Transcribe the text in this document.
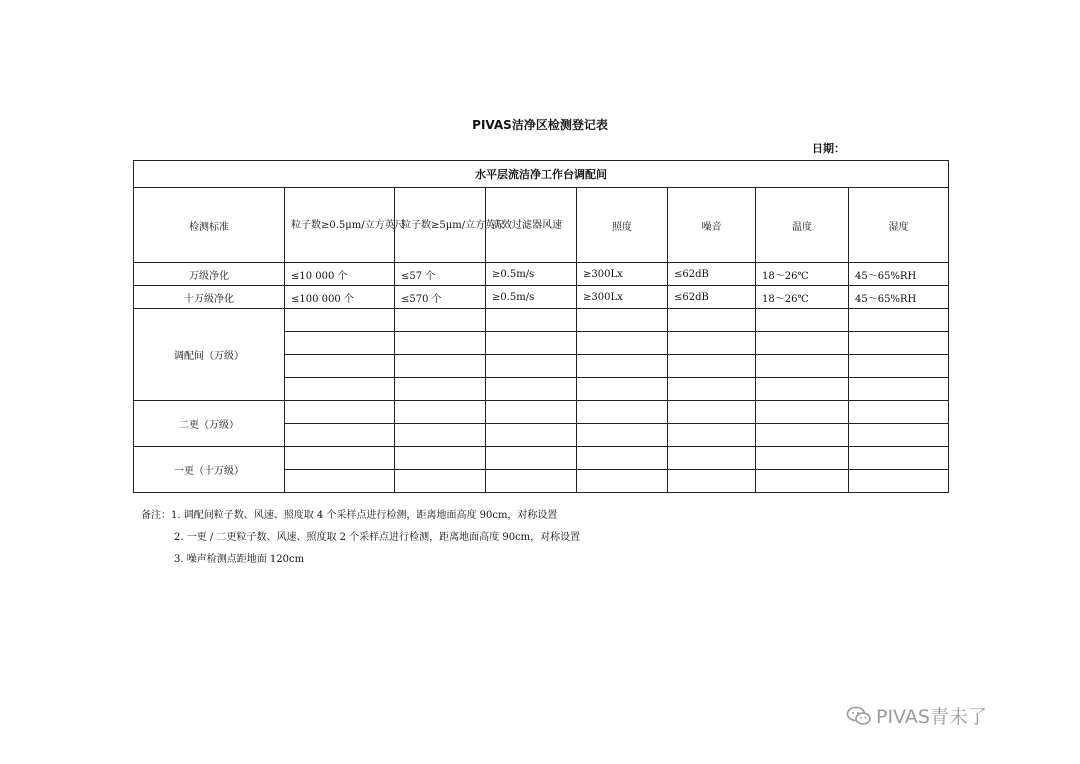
PIVAS洁净区检测登记表
日期：
水平层流洁净工作台调配间							
检测标准	粒子数≥0.5μm/立方英尺	粒子数≥5μm/立方英尺	高效过滤器风速	照度	噪音	温度	湿度
万级净化	≤10 000 个	≤57 个	≥0.5m/s	≥300Lx	≤62dB	18～26℃	45～65%RH
十万级净化	≤100 000 个	≤570 个	≥0.5m/s	≥300Lx	≤62dB	18～26℃	45～65%RH
调配间（万级）							

二更（万级）							

一更（十万级）							

备注：1. 调配间粒子数、风速、照度取 4 个采样点进行检测，距离地面高度 90cm，对称设置
2. 一更 / 二更粒子数、风速、照度取 2 个采样点进行检测，距离地面高度 90cm，对称设置
3. 噪声检测点距地面 120cm
PIVAS青未了
